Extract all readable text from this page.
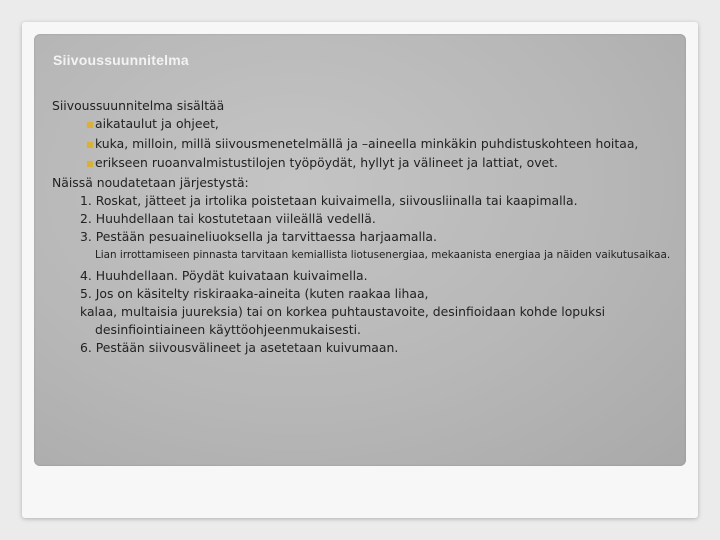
Siivoussuunnitelma

Siivoussuunnitelma sisältää

■aikataulut ja ohjeet,

■kuka, milloin, millä siivousmenetelmällä ja –aineella minkäkin puhdistuskohteen hoitaa,

■erikseen ruoanvalmistustilojen työpöydät, hyllyt ja välineet ja lattiat, ovet.

Näissä noudatetaan järjestystä:

1. Roskat, jätteet ja irtolika poistetaan kuivaimella, siivousliinalla tai kaapimalla.

2. Huuhdellaan tai kostutetaan viileällä vedellä.

3. Pestään pesuaineliuoksella ja tarvittaessa harjaamalla.

Lian irrottamiseen pinnasta tarvitaan kemiallista liotusenergiaa, mekaanista energiaa ja näiden vaikutusaikaa.

4. Huuhdellaan. Pöydät kuivataan kuivaimella.

5. Jos on käsitelty riskiraaka-aineita (kuten raakaa lihaa,

kalaa, multaisia juureksia) tai on korkea puhtaustavoite, desinfioidaan kohde lopuksi desinfiointiaineen käyttöohjeenmukaisesti.

6. Pestään siivousvälineet ja asetetaan kuivumaan.
